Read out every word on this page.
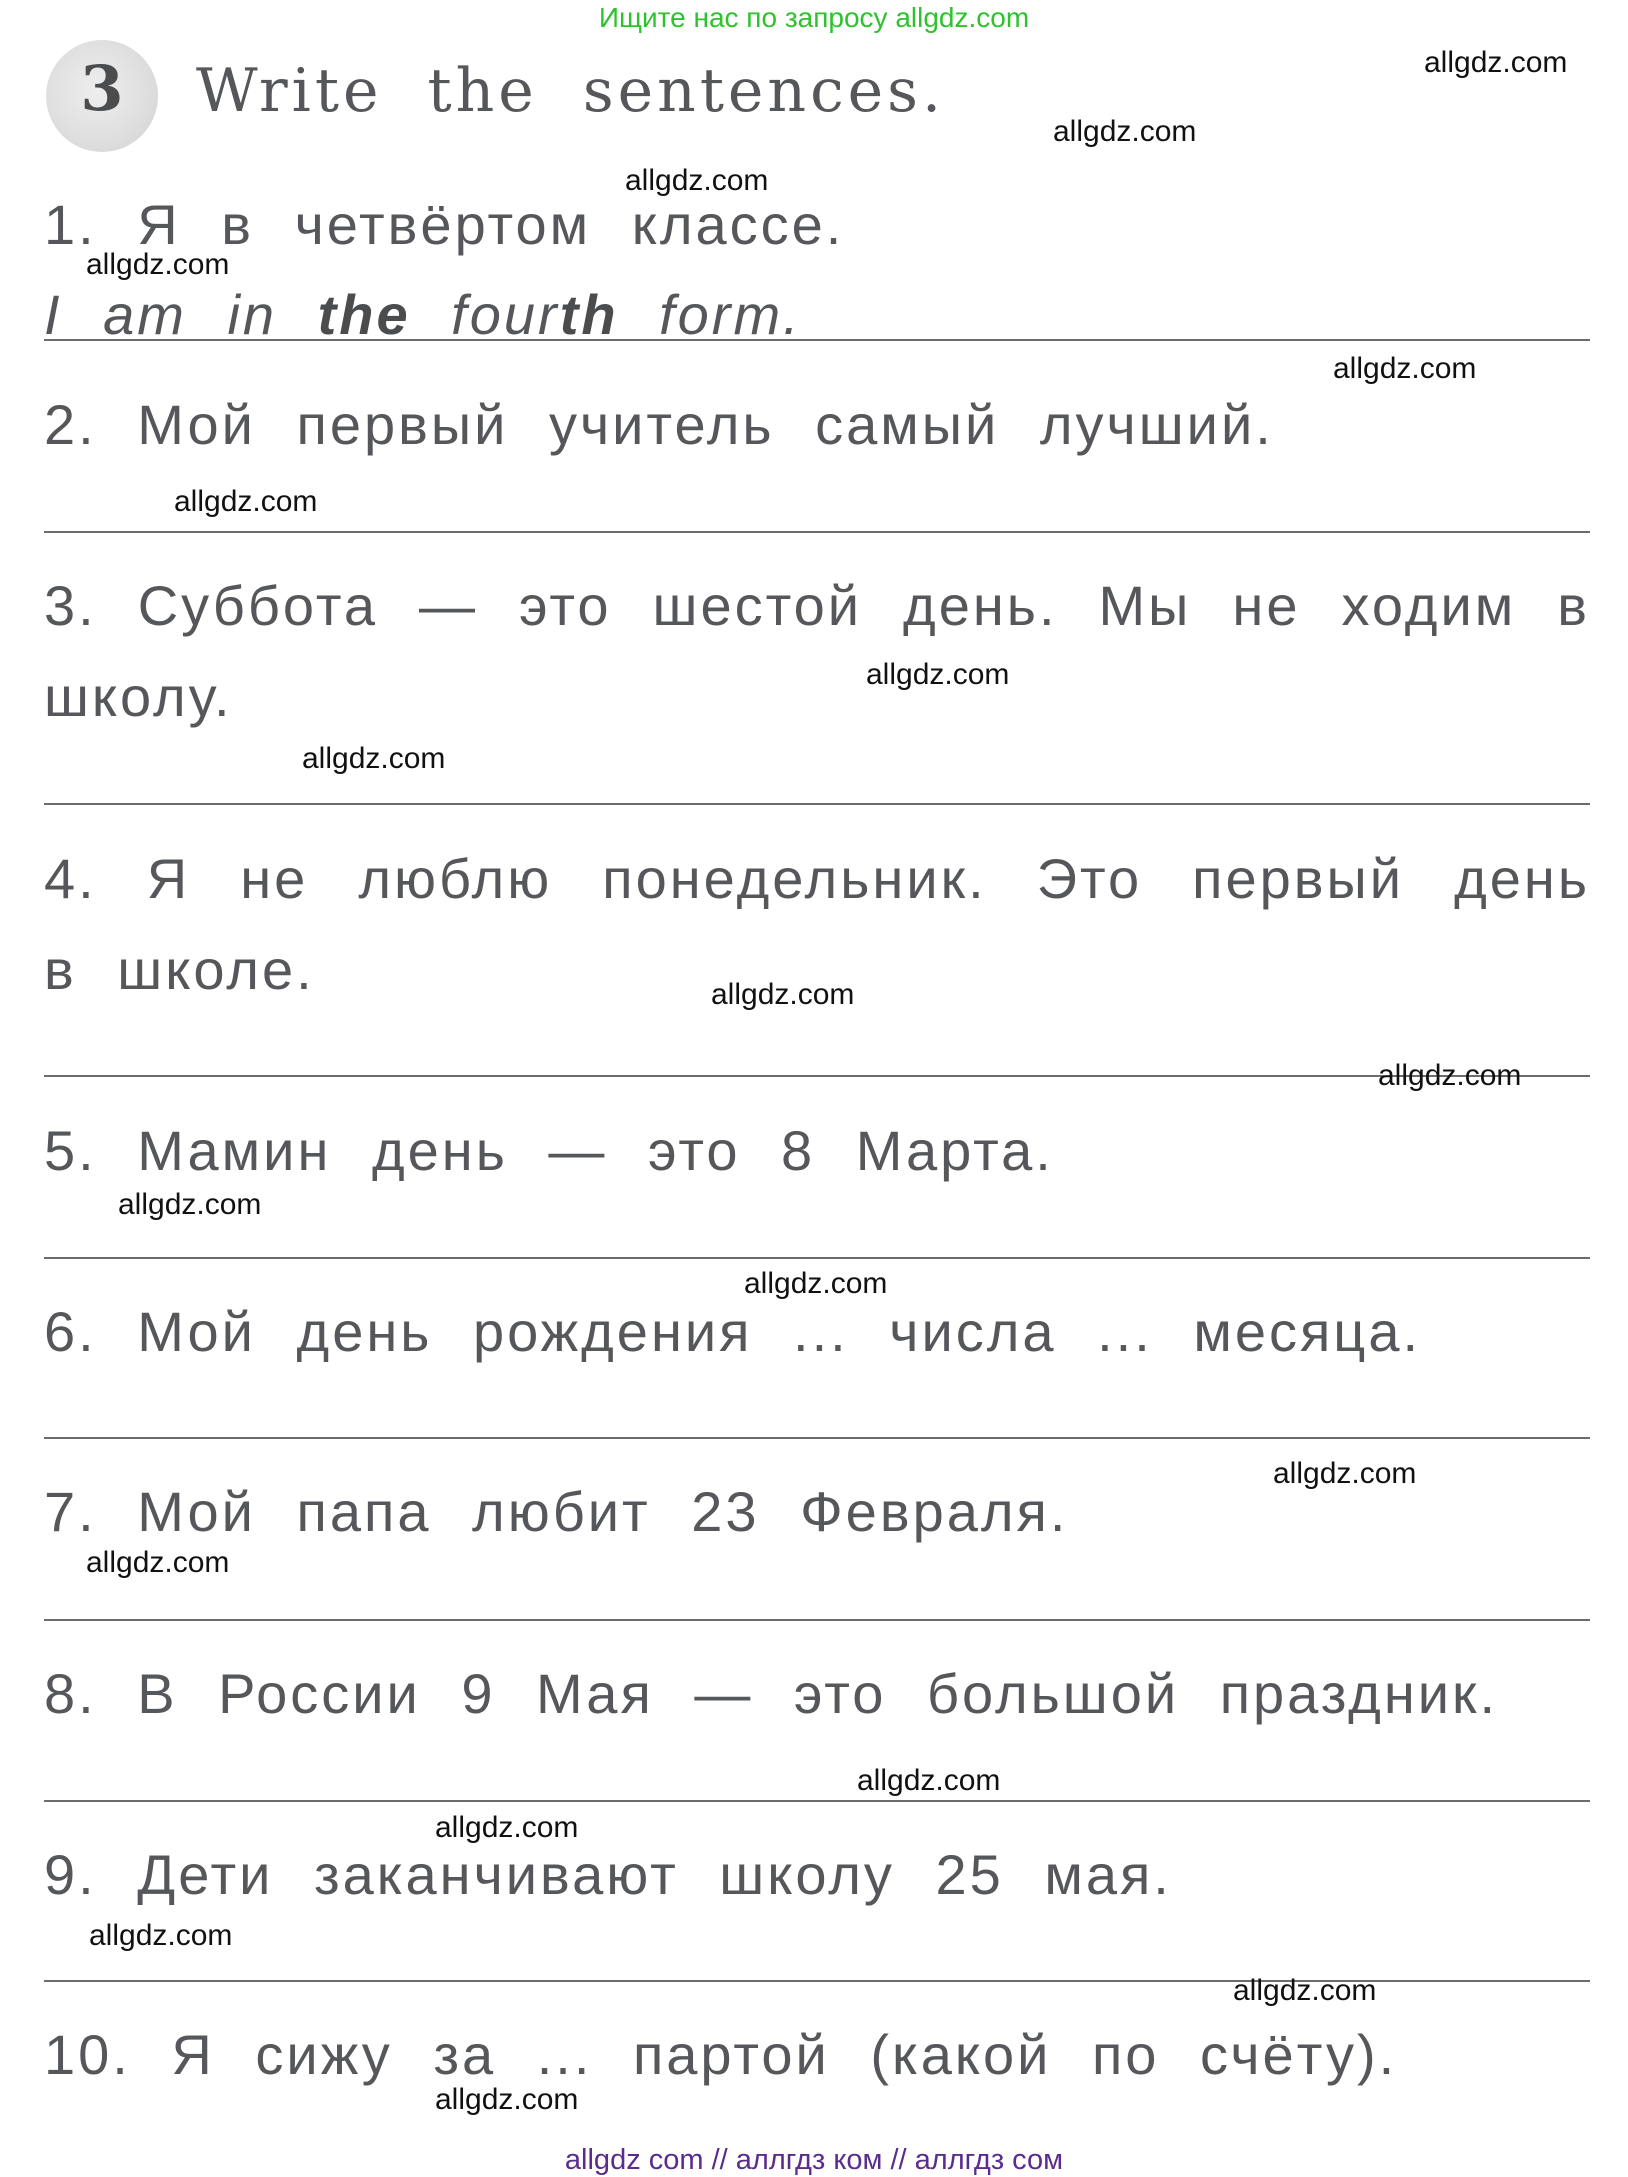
Ищите нас по запросу allgdz.com
3	Write the sentences.
1. Я в четвёртом классе.
I am in the fourth form.
2. Мой первый учитель самый лучший.
3. Суббота — это шестой день. Мы не ходим в школу.
4. Я не люблю понедельник. Это первый день в школе.
5. Мамин день — это 8 Марта.
6. Мой день рождения ... числа ... месяца.
7. Мой папа любит 23 Февраля.
8. В России 9 Мая — это большой праздник.
9. Дети заканчивают школу 25 мая.
10. Я сижу за ... партой (какой по счёту).
allgdz.com
allgdz.com
allgdz.com
allgdz.com
allgdz.com
allgdz.com
allgdz.com
allgdz.com
allgdz.com
allgdz.com
allgdz.com
allgdz.com
allgdz.com
allgdz.com
allgdz.com
allgdz.com
allgdz.com
allgdz.com
allgdz.com
allgdz com // аллгдз ком // аллгдз сом
